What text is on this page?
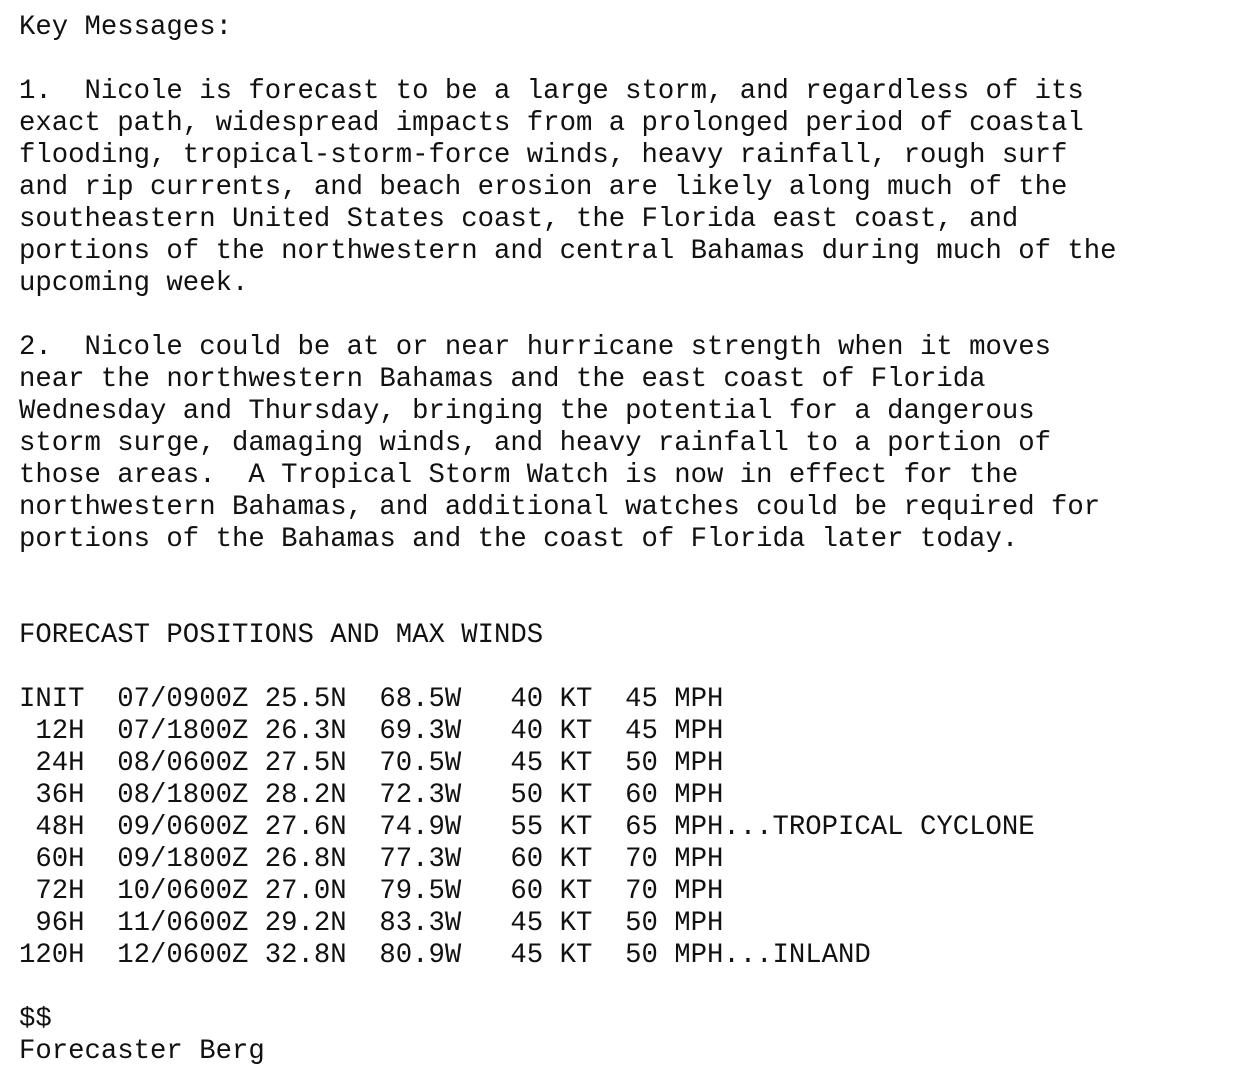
Key Messages:

1.  Nicole is forecast to be a large storm, and regardless of its
exact path, widespread impacts from a prolonged period of coastal
flooding, tropical-storm-force winds, heavy rainfall, rough surf
and rip currents, and beach erosion are likely along much of the
southeastern United States coast, the Florida east coast, and
portions of the northwestern and central Bahamas during much of the
upcoming week.

2.  Nicole could be at or near hurricane strength when it moves
near the northwestern Bahamas and the east coast of Florida
Wednesday and Thursday, bringing the potential for a dangerous
storm surge, damaging winds, and heavy rainfall to a portion of
those areas.  A Tropical Storm Watch is now in effect for the
northwestern Bahamas, and additional watches could be required for
portions of the Bahamas and the coast of Florida later today.

FORECAST POSITIONS AND MAX WINDS

INIT  07/0900Z 25.5N  68.5W   40 KT  45 MPH
12H  07/1800Z 26.3N  69.3W   40 KT  45 MPH
24H  08/0600Z 27.5N  70.5W   45 KT  50 MPH
36H  08/1800Z 28.2N  72.3W   50 KT  60 MPH
48H  09/0600Z 27.6N  74.9W   55 KT  65 MPH...TROPICAL CYCLONE
60H  09/1800Z 26.8N  77.3W   60 KT  70 MPH
72H  10/0600Z 27.0N  79.5W   60 KT  70 MPH
96H  11/0600Z 29.2N  83.3W   45 KT  50 MPH
120H  12/0600Z 32.8N  80.9W   45 KT  50 MPH...INLAND

$$
Forecaster Berg
